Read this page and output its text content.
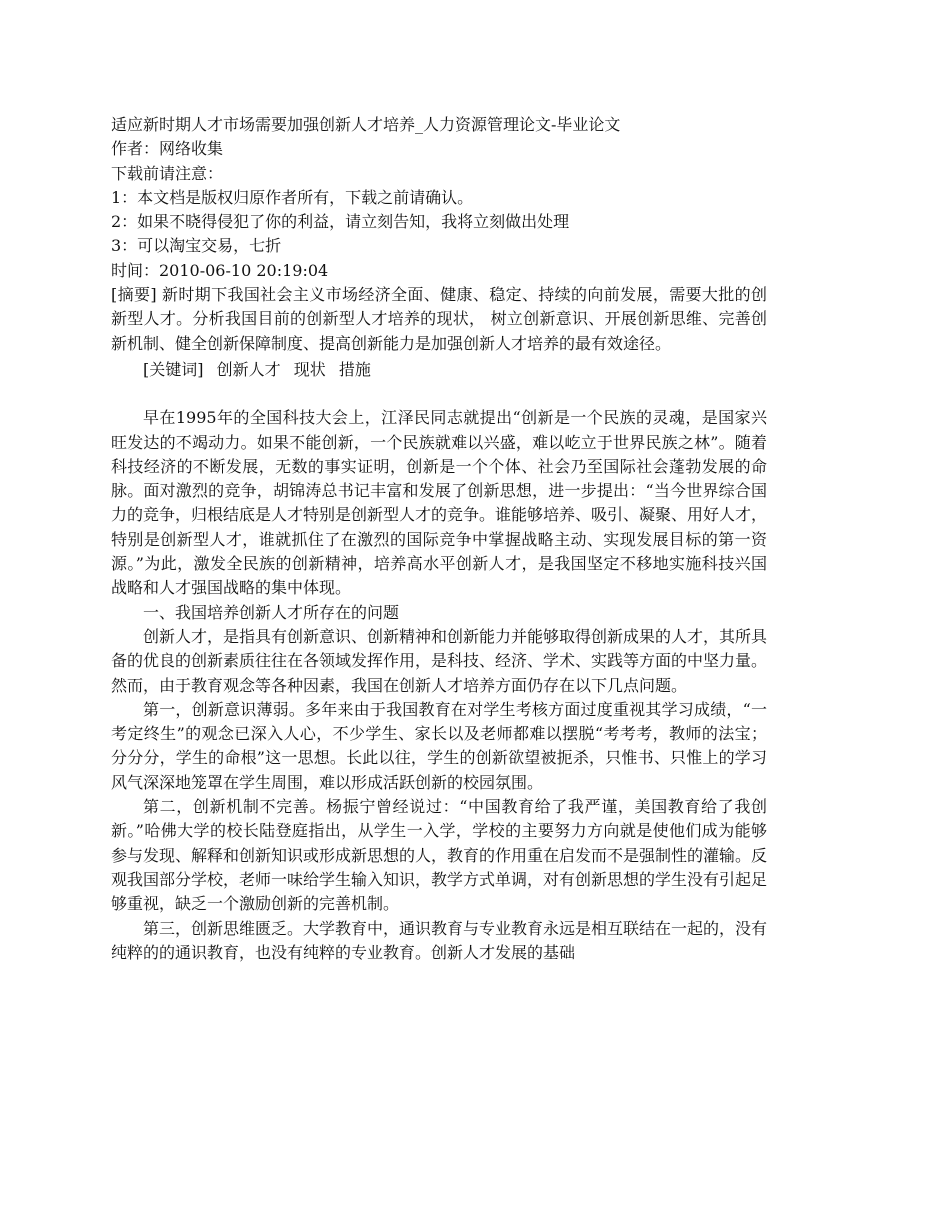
适应新时期人才市场需要加强创新人才培养_人力资源管理论文-毕业论文
作者：网络收集
下载前请注意：
1：本文档是版权归原作者所有，下载之前请确认。
2：如果不晓得侵犯了你的利益，请立刻告知，我将立刻做出处理
3：可以淘宝交易，七折
时间：2010-06-10 20:19:04
[摘要] 新时期下我国社会主义市场经济全面、健康、稳定、持续的向前发展，需要大批的创新型人才。分析我国目前的创新型人才培养的现状， 树立创新意识、开展创新思维、完善创新机制、健全创新保障制度、提高创新能力是加强创新人才培养的最有效途径。
[关键词] 创新人才 现状 措施
早在1995年的全国科技大会上，江泽民同志就提出“创新是一个民族的灵魂，是国家兴旺发达的不竭动力。如果不能创新，一个民族就难以兴盛，难以屹立于世界民族之林”。随着科技经济的不断发展，无数的事实证明，创新是一个个体、社会乃至国际社会蓬勃发展的命脉。面对激烈的竞争，胡锦涛总书记丰富和发展了创新思想，进一步提出：“当今世界综合国力的竞争，归根结底是人才特别是创新型人才的竞争。谁能够培养、吸引、凝聚、用好人才，特别是创新型人才，谁就抓住了在激烈的国际竞争中掌握战略主动、实现发展目标的第一资源。”为此，激发全民族的创新精神，培养高水平创新人才，是我国坚定不移地实施科技兴国战略和人才强国战略的集中体现。
一、我国培养创新人才所存在的问题
创新人才，是指具有创新意识、创新精神和创新能力并能够取得创新成果的人才，其所具备的优良的创新素质往往在各领域发挥作用，是科技、经济、学术、实践等方面的中坚力量。然而，由于教育观念等各种因素，我国在创新人才培养方面仍存在以下几点问题。
第一，创新意识薄弱。多年来由于我国教育在对学生考核方面过度重视其学习成绩，“一考定终生”的观念已深入人心，不少学生、家长以及老师都难以摆脱“考考考，教师的法宝；分分分，学生的命根”这一思想。长此以往，学生的创新欲望被扼杀，只惟书、只惟上的学习风气深深地笼罩在学生周围，难以形成活跃创新的校园氛围。
第二，创新机制不完善。杨振宁曾经说过：“中国教育给了我严谨，美国教育给了我创新。”哈佛大学的校长陆登庭指出，从学生一入学，学校的主要努力方向就是使他们成为能够参与发现、解释和创新知识或形成新思想的人，教育的作用重在启发而不是强制性的灌输。反观我国部分学校，老师一味给学生输入知识，教学方式单调，对有创新思想的学生没有引起足够重视，缺乏一个激励创新的完善机制。
第三，创新思维匮乏。大学教育中，通识教育与专业教育永远是相互联结在一起的，没有纯粹的的通识教育，也没有纯粹的专业教育。创新人才发展的基础
